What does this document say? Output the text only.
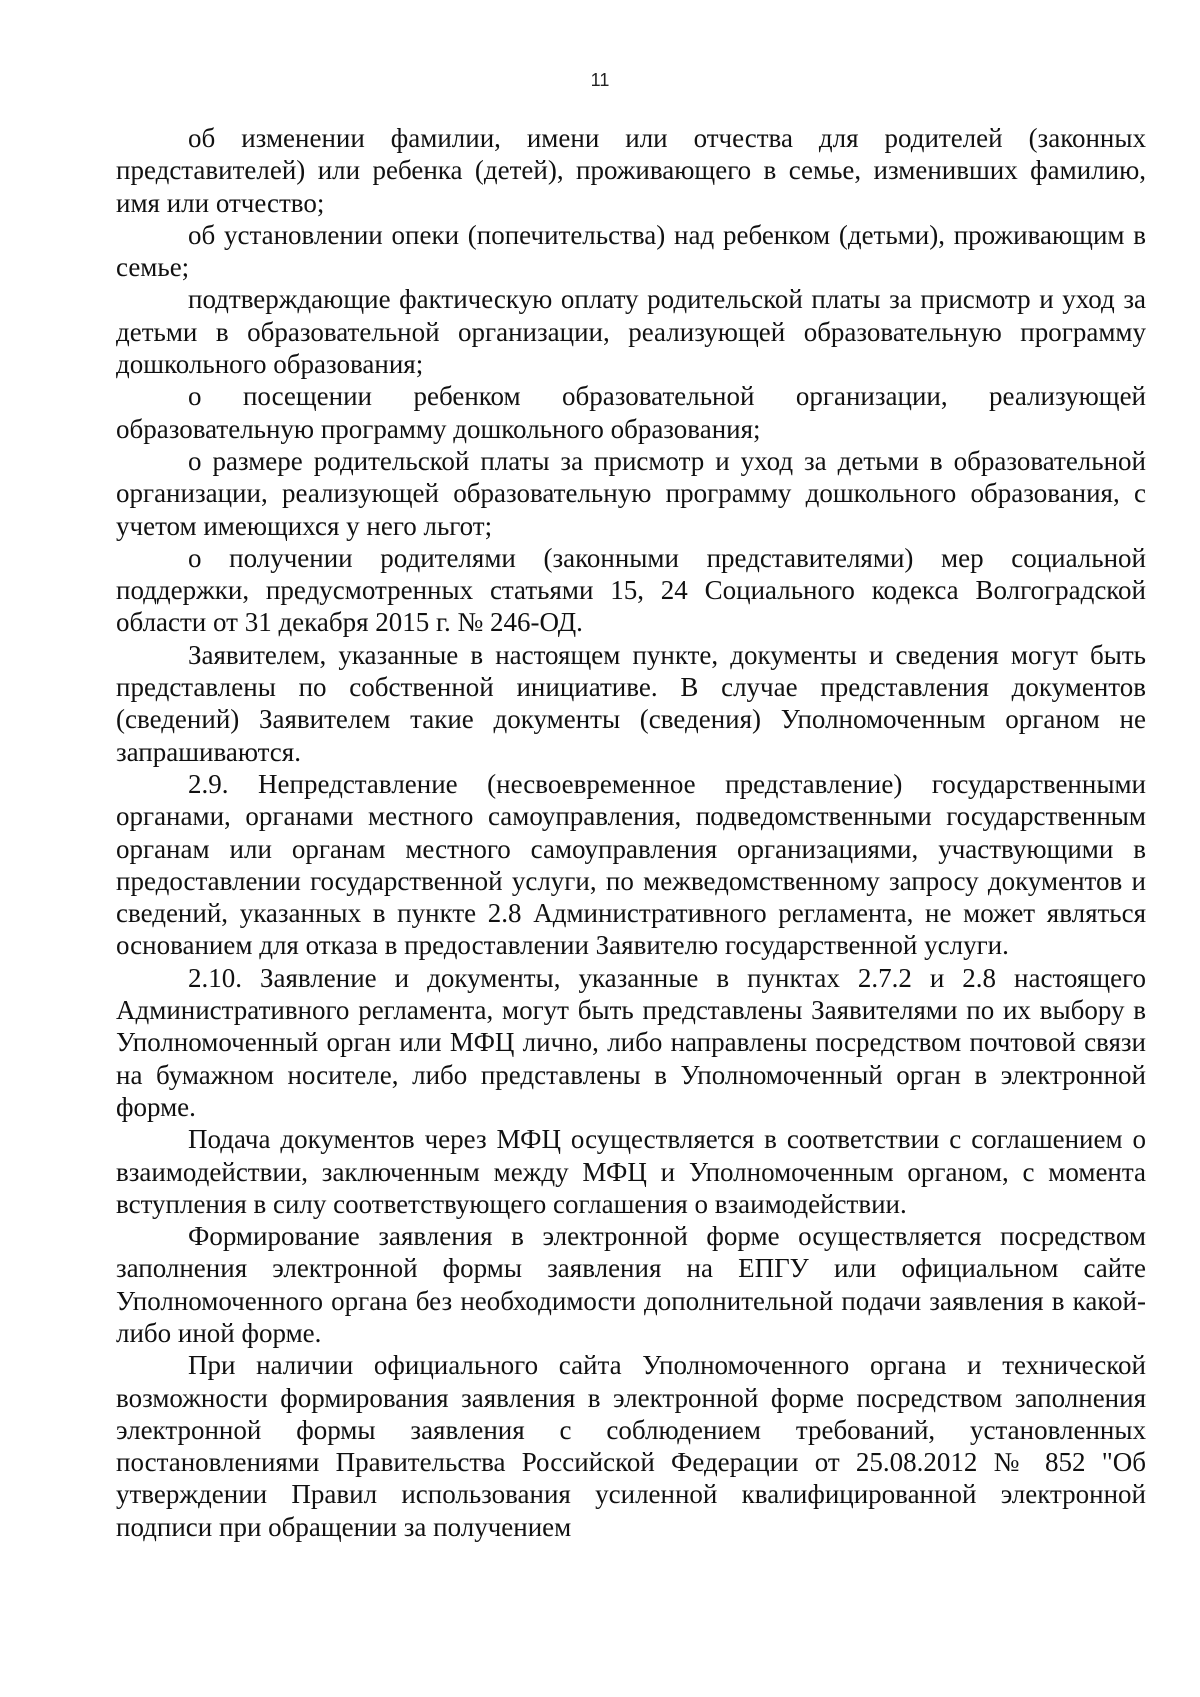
11

об изменении фамилии, имени или отчества для родителей (законных представителей) или ребенка (детей), проживающего в семье, изменивших фамилию, имя или отчество;

об установлении опеки (попечительства) над ребенком (детьми), проживающим в семье;

подтверждающие фактическую оплату родительской платы за присмотр и уход за детьми в образовательной организации, реализующей образовательную программу дошкольного образования;

о посещении ребенком образовательной организации, реализующей образовательную программу дошкольного образования;

о размере родительской платы за присмотр и уход за детьми в образовательной организации, реализующей образовательную программу дошкольного образования, с учетом имеющихся у него льгот;

о получении родителями (законными представителями) мер социальной поддержки, предусмотренных статьями 15, 24 Социального кодекса Волгоградской области от 31 декабря 2015 г. № 246-ОД.

Заявителем, указанные в настоящем пункте, документы и сведения могут быть представлены по собственной инициативе. В случае представления документов (сведений) Заявителем такие документы (сведения) Уполномоченным органом не запрашиваются.

2.9. Непредставление (несвоевременное представление) государственными органами, органами местного самоуправления, подведомственными государственным органам или органам местного самоуправления организациями, участвующими в предоставлении государственной услуги, по межведомственному запросу документов и сведений, указанных в пункте 2.8 Административного регламента, не может являться основанием для отказа в предоставлении Заявителю государственной услуги.

2.10. Заявление и документы, указанные в пунктах 2.7.2 и 2.8 настоящего Административного регламента, могут быть представлены Заявителями по их выбору в Уполномоченный орган или МФЦ лично, либо направлены посредством почтовой связи на бумажном носителе, либо представлены в Уполномоченный орган в электронной форме.

Подача документов через МФЦ осуществляется в соответствии с соглашением о взаимодействии, заключенным между МФЦ и Уполномоченным органом, с момента вступления в силу соответствующего соглашения о взаимодействии.

Формирование заявления в электронной форме осуществляется посредством заполнения электронной формы заявления на ЕПГУ или официальном сайте Уполномоченного органа без необходимости дополнительной подачи заявления в какой-либо иной форме.

При наличии официального сайта Уполномоченного органа и технической возможности формирования заявления в электронной форме посредством заполнения электронной формы заявления с соблюдением требований, установленных постановлениями Правительства Российской Федерации от 25.08.2012 № 852 "Об утверждении Правил использования усиленной квалифицированной электронной подписи при обращении за получением
